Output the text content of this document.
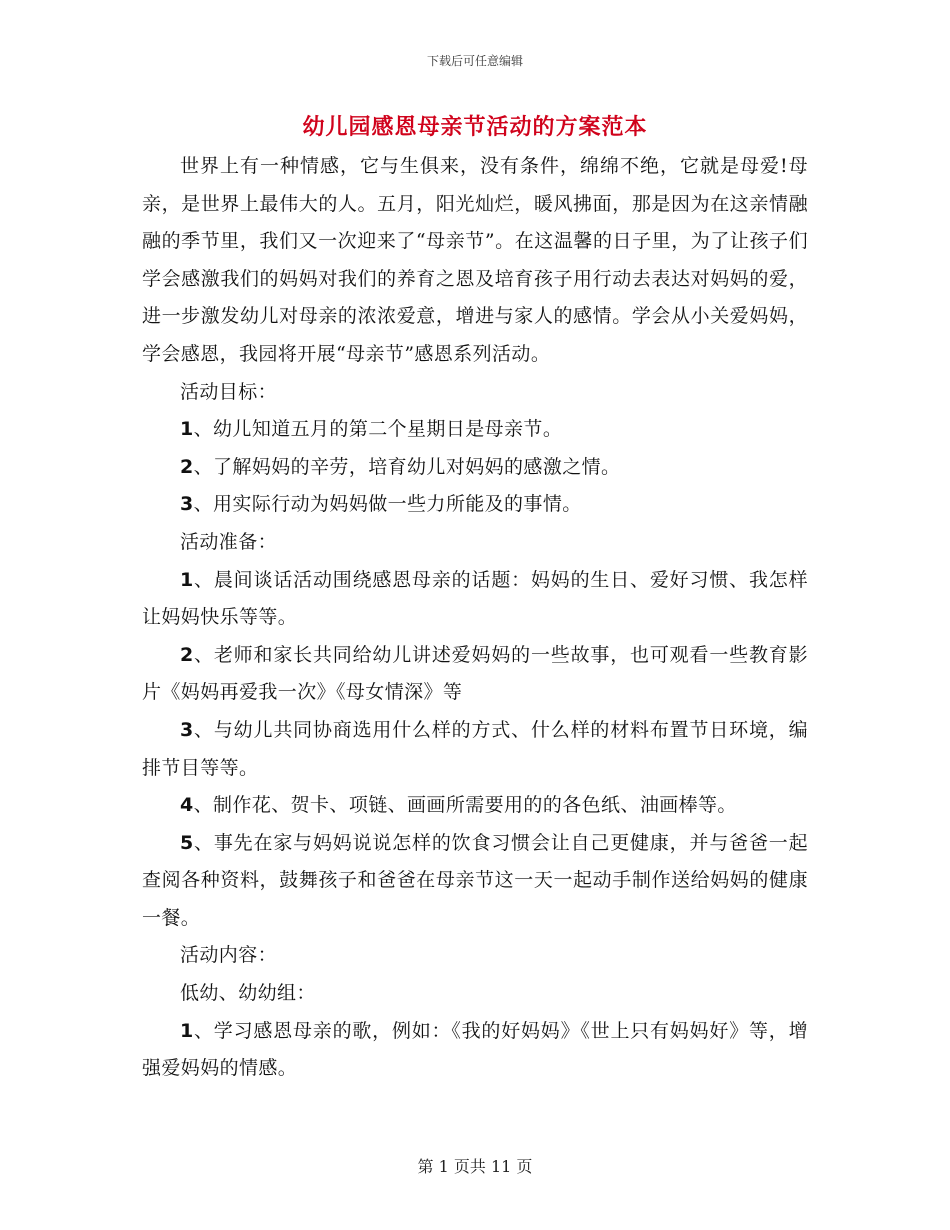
下载后可任意编辑
幼儿园感恩母亲节活动的方案范本

世界上有一种情感，它与生俱来，没有条件，绵绵不绝，它就是母爱!母亲，是世界上最伟大的人。五月，阳光灿烂，暖风拂面，那是因为在这亲情融融的季节里，我们又一次迎来了“母亲节”。在这温馨的日子里，为了让孩子们学会感激我们的妈妈对我们的养育之恩及培育孩子用行动去表达对妈妈的爱，进一步激发幼儿对母亲的浓浓爱意，增进与家人的感情。学会从小关爱妈妈，学会感恩，我园将开展“母亲节”感恩系列活动。

活动目标：

1、幼儿知道五月的第二个星期日是母亲节。

2、了解妈妈的辛劳，培育幼儿对妈妈的感激之情。

3、用实际行动为妈妈做一些力所能及的事情。

活动准备：

1、晨间谈话活动围绕感恩母亲的话题：妈妈的生日、爱好习惯、我怎样让妈妈快乐等等。

2、老师和家长共同给幼儿讲述爱妈妈的一些故事，也可观看一些教育影片《妈妈再爱我一次》《母女情深》等

3、与幼儿共同协商选用什么样的方式、什么样的材料布置节日环境，编排节目等等。

4、制作花、贺卡、项链、画画所需要用的的各色纸、油画棒等。

5、事先在家与妈妈说说怎样的饮食习惯会让自己更健康，并与爸爸一起查阅各种资料，鼓舞孩子和爸爸在母亲节这一天一起动手制作送给妈妈的健康一餐。

活动内容：

低幼、幼幼组：

1、学习感恩母亲的歌，例如：《我的好妈妈》《世上只有妈妈好》等，增强爱妈妈的情感。

第 1 页共 11 页
